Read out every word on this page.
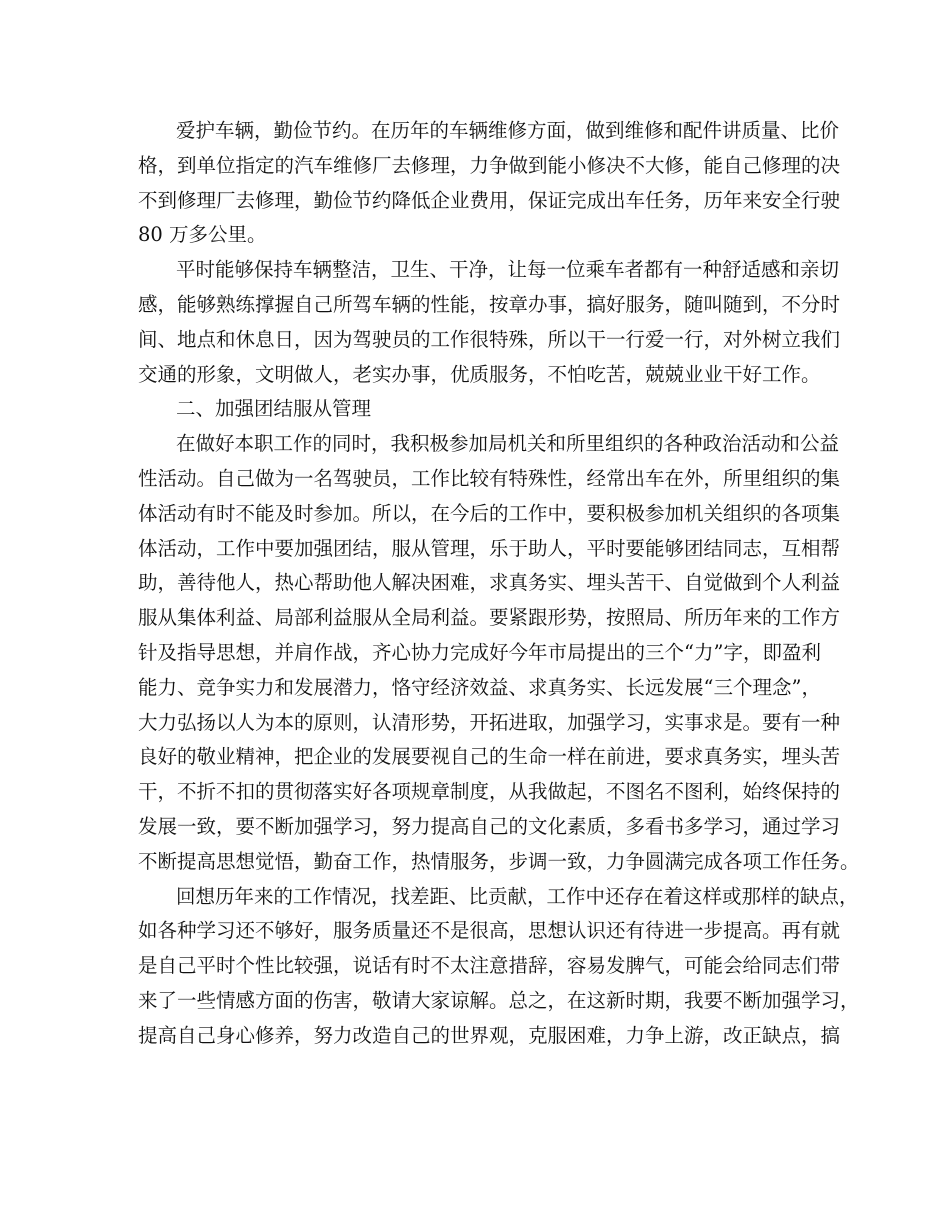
爱护车辆，勤俭节约。在历年的车辆维修方面，做到维修和配件讲质量、比价
格，到单位指定的汽车维修厂去修理，力争做到能小修决不大修，能自己修理的决
不到修理厂去修理，勤俭节约降低企业费用，保证完成出车任务，历年来安全行驶
80 万多公里。
平时能够保持车辆整洁，卫生、干净，让每一位乘车者都有一种舒适感和亲切
感，能够熟练撑握自己所驾车辆的性能，按章办事，搞好服务，随叫随到，不分时
间、地点和休息日，因为驾驶员的工作很特殊，所以干一行爱一行，对外树立我们
交通的形象，文明做人，老实办事，优质服务，不怕吃苦，兢兢业业干好工作。
二、加强团结服从管理
在做好本职工作的同时，我积极参加局机关和所里组织的各种政治活动和公益
性活动。自己做为一名驾驶员，工作比较有特殊性，经常出车在外，所里组织的集
体活动有时不能及时参加。所以，在今后的工作中，要积极参加机关组织的各项集
体活动，工作中要加强团结，服从管理，乐于助人，平时要能够团结同志，互相帮
助，善待他人，热心帮助他人解决困难，求真务实、埋头苦干、自觉做到个人利益
服从集体利益、局部利益服从全局利益。要紧跟形势，按照局、所历年来的工作方
针及指导思想，并肩作战，齐心协力完成好今年市局提出的三个“力”字，即盈利
能力、竞争实力和发展潜力，恪守经济效益、求真务实、长远发展“三个理念”，
大力弘扬以人为本的原则，认清形势，开拓进取，加强学习，实事求是。要有一种
良好的敬业精神，把企业的发展要视自己的生命一样在前进，要求真务实，埋头苦
干，不折不扣的贯彻落实好各项规章制度，从我做起，不图名不图利，始终保持的
发展一致，要不断加强学习，努力提高自己的文化素质，多看书多学习，通过学习
不断提高思想觉悟，勤奋工作，热情服务，步调一致，力争圆满完成各项工作任务。
回想历年来的工作情况，找差距、比贡献，工作中还存在着这样或那样的缺点，
如各种学习还不够好，服务质量还不是很高，思想认识还有待进一步提高。再有就
是自己平时个性比较强，说话有时不太注意措辞，容易发脾气，可能会给同志们带
来了一些情感方面的伤害，敬请大家谅解。总之，在这新时期，我要不断加强学习，
提高自己身心修养，努力改造自己的世界观，克服困难，力争上游，改正缺点，搞
